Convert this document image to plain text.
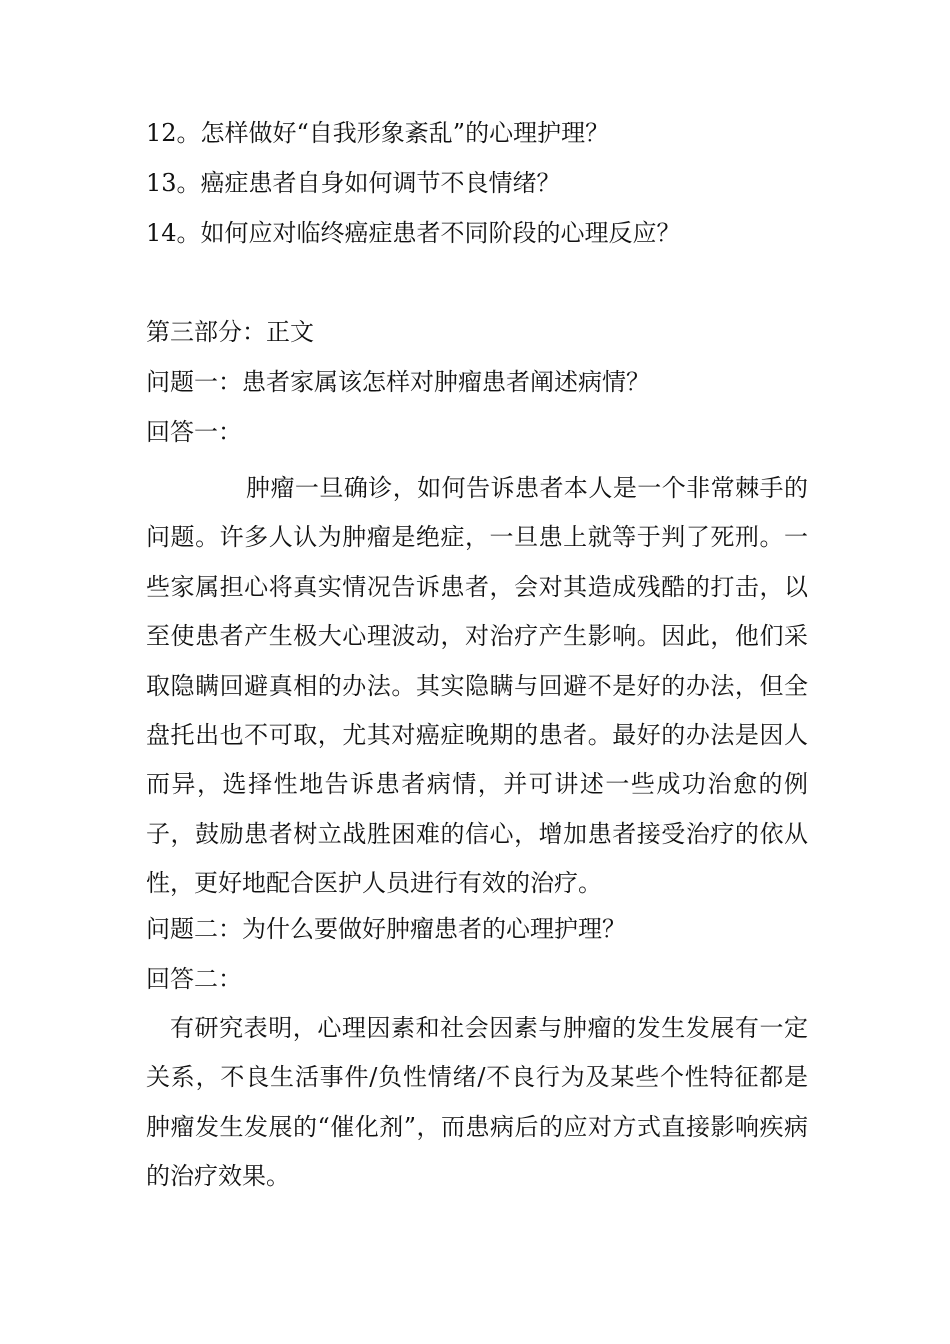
12。怎样做好“自我形象紊乱”的心理护理？
13。癌症患者自身如何调节不良情绪？
14。如何应对临终癌症患者不同阶段的心理反应？
第三部分：正文
问题一：患者家属该怎样对肿瘤患者阐述病情？
回答一：
肿瘤一旦确诊，如何告诉患者本人是一个非常棘手的问题。许多人认为肿瘤是绝症，一旦患上就等于判了死刑。一些家属担心将真实情况告诉患者，会对其造成残酷的打击，以至使患者产生极大心理波动，对治疗产生影响。因此，他们采取隐瞒回避真相的办法。其实隐瞒与回避不是好的办法，但全盘托出也不可取，尤其对癌症晚期的患者。最好的办法是因人而异，选择性地告诉患者病情，并可讲述一些成功治愈的例子，鼓励患者树立战胜困难的信心，增加患者接受治疗的依从性，更好地配合医护人员进行有效的治疗。
问题二：为什么要做好肿瘤患者的心理护理？
回答二：
有研究表明，心理因素和社会因素与肿瘤的发生发展有一定关系，不良生活事件/负性情绪/不良行为及某些个性特征都是肿瘤发生发展的“催化剂”，而患病后的应对方式直接影响疾病的治疗效果。
